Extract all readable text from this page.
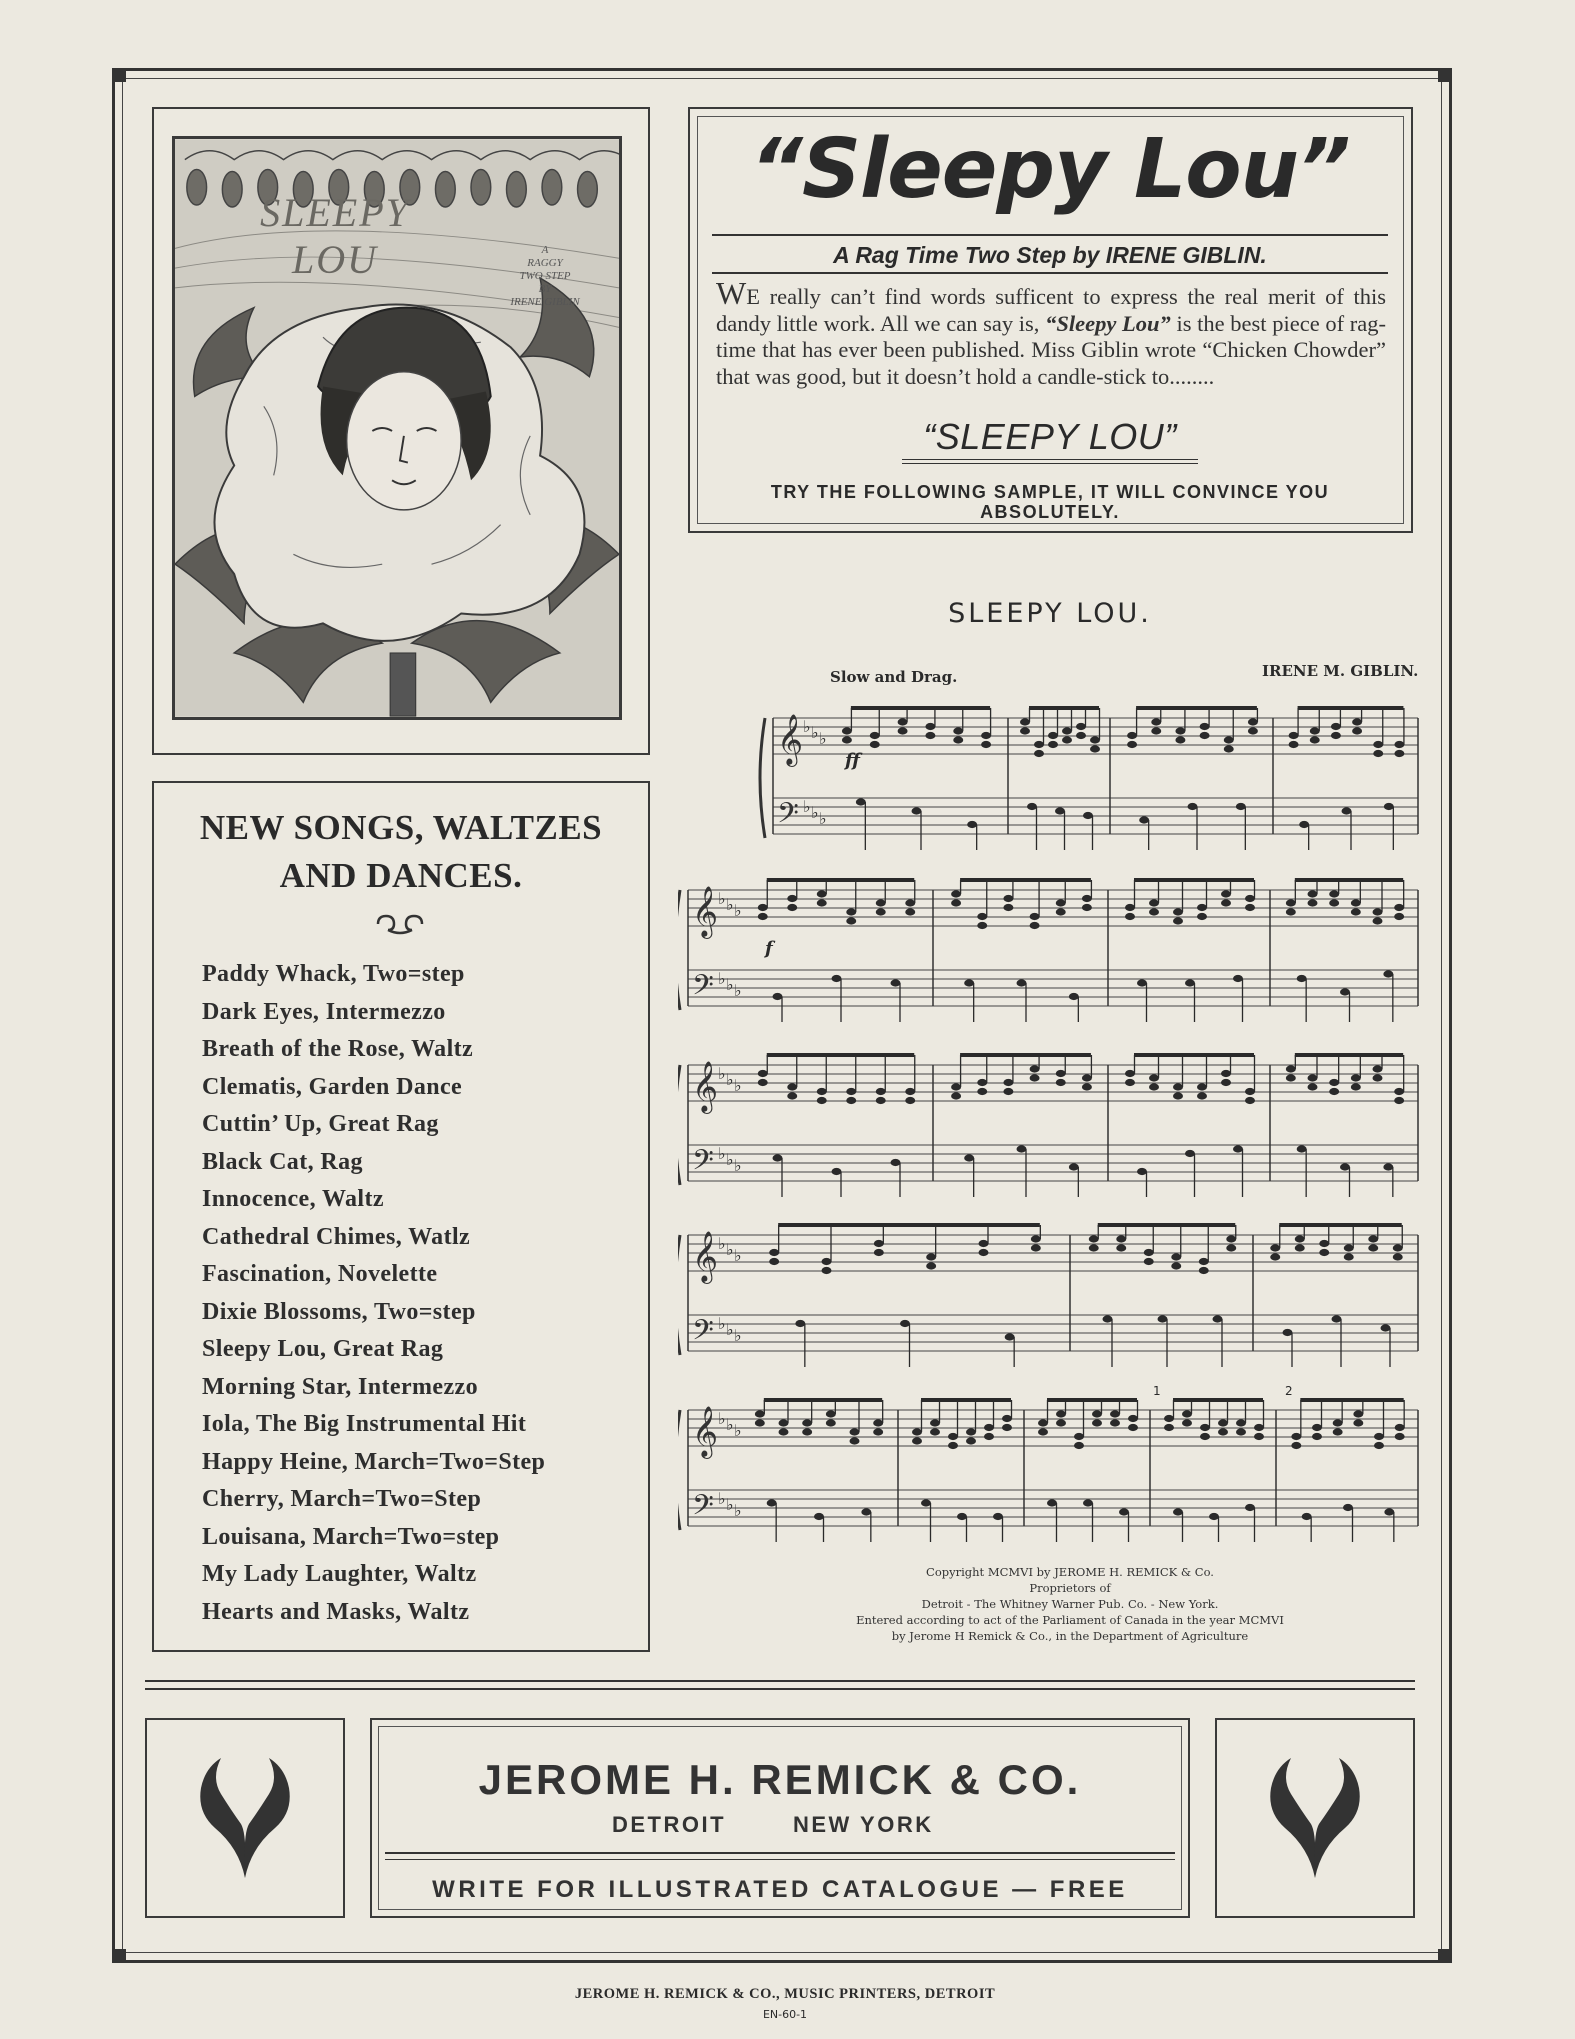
SLEEPY LOU	A
RAGGY
TWO STEP
BY
IRENE GIBLIN
“Sleepy Lou”
A Rag Time Two Step by IRENE GIBLIN.
WE really can’t find words sufficent to express the real merit of this dandy little work. All we can say is, “Sleepy Lou” is the best piece of rag-time that has ever been published. Miss Giblin wrote “Chicken Chowder” that was good, but it doesn’t hold a candle-stick to........
“SLEEPY LOU”
TRY THE FOLLOWING SAMPLE, IT WILL CONVINCE YOU ABSOLUTELY.
NEW SONGS, WALTZES AND DANCES.
Paddy Whack, Two=step
Dark Eyes, Intermezzo
Breath of the Rose, Waltz
Clematis, Garden Dance
Cuttin’ Up, Great Rag
Black Cat, Rag
Innocence, Waltz
Cathedral Chimes, Watlz
Fascination, Novelette
Dixie Blossoms, Two=step
Sleepy Lou, Great Rag
Morning Star, Intermezzo
Iola, The Big Instrumental Hit
Happy Heine, March=Two=Step
Cherry, March=Two=Step
Louisana, March=Two=step
My Lady Laughter, Waltz
Hearts and Masks, Waltz
SLEEPY LOU.
Slow and Drag.	IRENE M. GIBLIN.
𝄞 ♭ ♭ ♭
𝄢 ♭ ♭ ♭
𝄞 ♭ ♭ ♭
𝄢 ♭ ♭ ♭
𝄞 ♭ ♭ ♭
𝄢 ♭ ♭ ♭
𝄞 ♭ ♭ ♭
𝄢 ♭ ♭ ♭
𝄞 ♭ ♭ ♭
𝄢 ♭ ♭ ♭
ff
f
1	2
Copyright MCMVI by JEROME H. REMICK & Co.
Proprietors of
Detroit - The Whitney Warner Pub. Co. - New York.
Entered according to act of the Parliament of Canada in the year MCMVI
by Jerome H Remick & Co., in the Department of Agriculture
JEROME H. REMICK & CO.
DETROIT	NEW YORK
WRITE FOR ILLUSTRATED CATALOGUE — FREE
JEROME H. REMICK & CO., MUSIC PRINTERS, DETROIT
EN-60-1
